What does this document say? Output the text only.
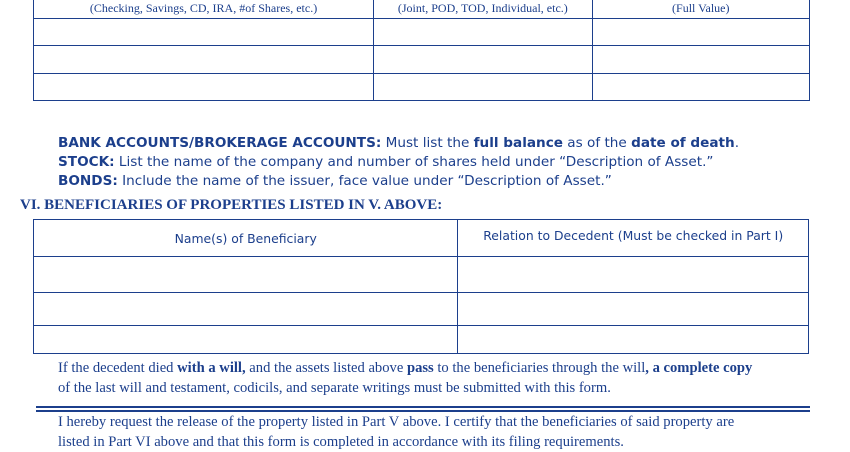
(Checking, Savings, CD, IRA, #of Shares, etc.)	(Joint, POD, TOD, Individual, etc.)	(Full Value)

BANK ACCOUNTS/BROKERAGE ACCOUNTS: Must list the full balance as of the date of death.
STOCK: List the name of the company and number of shares held under “Description of Asset.”
BONDS: Include the name of the issuer, face value under “Description of Asset.”
VI. BENEFICIARIES OF PROPERTIES LISTED IN V. ABOVE:
Name(s) of Beneficiary	Relation to Decedent (Must be checked in Part I)

If the decedent died with a will, and the assets listed above pass to the beneficiaries through the will, a complete copy
of the last will and testament, codicils, and separate writings must be submitted with this form.
I hereby request the release of the property listed in Part V above. I certify that the beneficiaries of said property are
listed in Part VI above and that this form is completed in accordance with its filing requirements.
